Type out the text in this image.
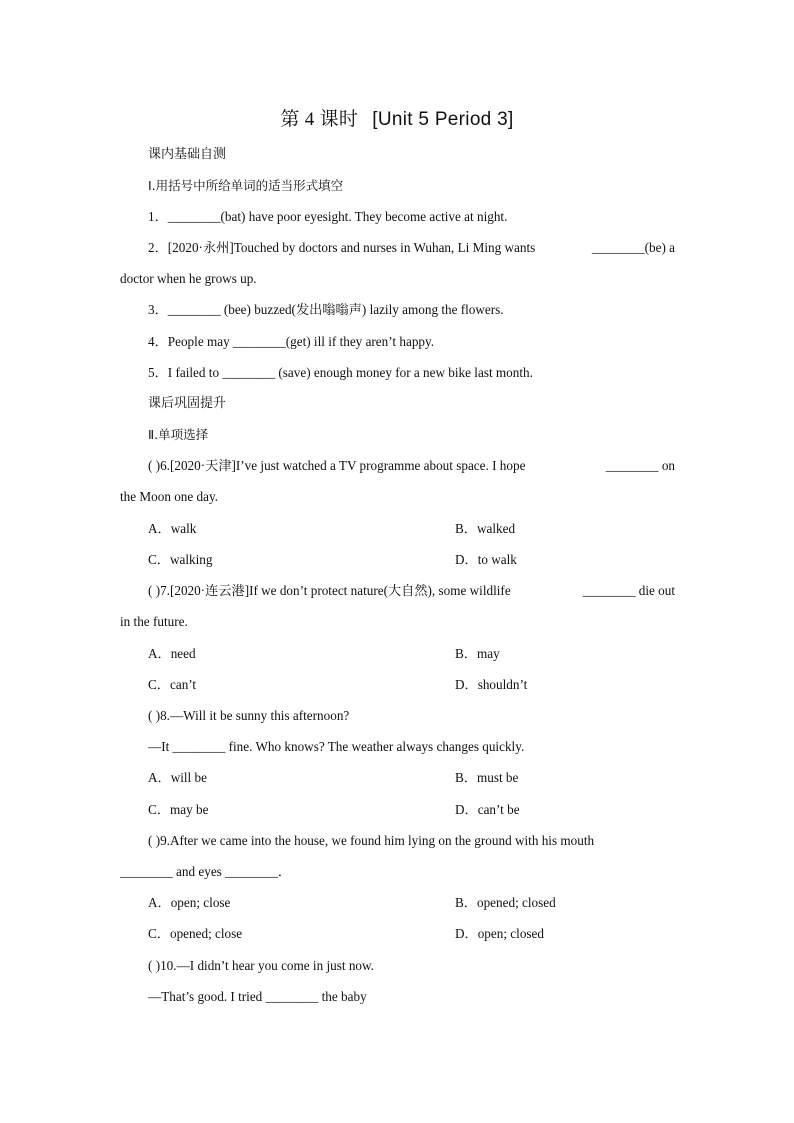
第 4 课时 [Unit 5 Period 3]
课内基础自测
Ⅰ.用括号中所给单词的适当形式填空
1．________(bat) have poor eyesight. They become active at night.
2．[2020·永州]Touched by doctors and nurses in Wuhan, Li Ming wants	________(be) a
doctor when he grows up.
3．________ (bee) buzzed(发出嗡嗡声) lazily among the flowers.
4．People may ________(get) ill if they aren’t happy.
5．I failed to ________ (save) enough money for a new bike last month.
课后巩固提升
Ⅱ.单项选择
( )6.[2020·天津]I’ve just watched a TV programme about space. I hope	________ on
the Moon one day.
A．walk	B．walked
C．walking	D．to walk
( )7.[2020·连云港]If we don’t protect nature(大自然), some wildlife	________ die out
in the future.
A．need	B．may
C．can’t	D．shouldn’t
( )8.—Will it be sunny this afternoon?
—It ________ fine. Who knows? The weather always changes quickly.
A．will be	B．must be
C．may be	D．can’t be
( )9.After we came into the house, we found him lying on the ground with his mouth
________ and eyes ________．
A．open; close	B．opened; closed
C．opened; close	D．open; closed
( )10.—I didn’t hear you come in just now.
—That’s good. I tried ________ the baby
